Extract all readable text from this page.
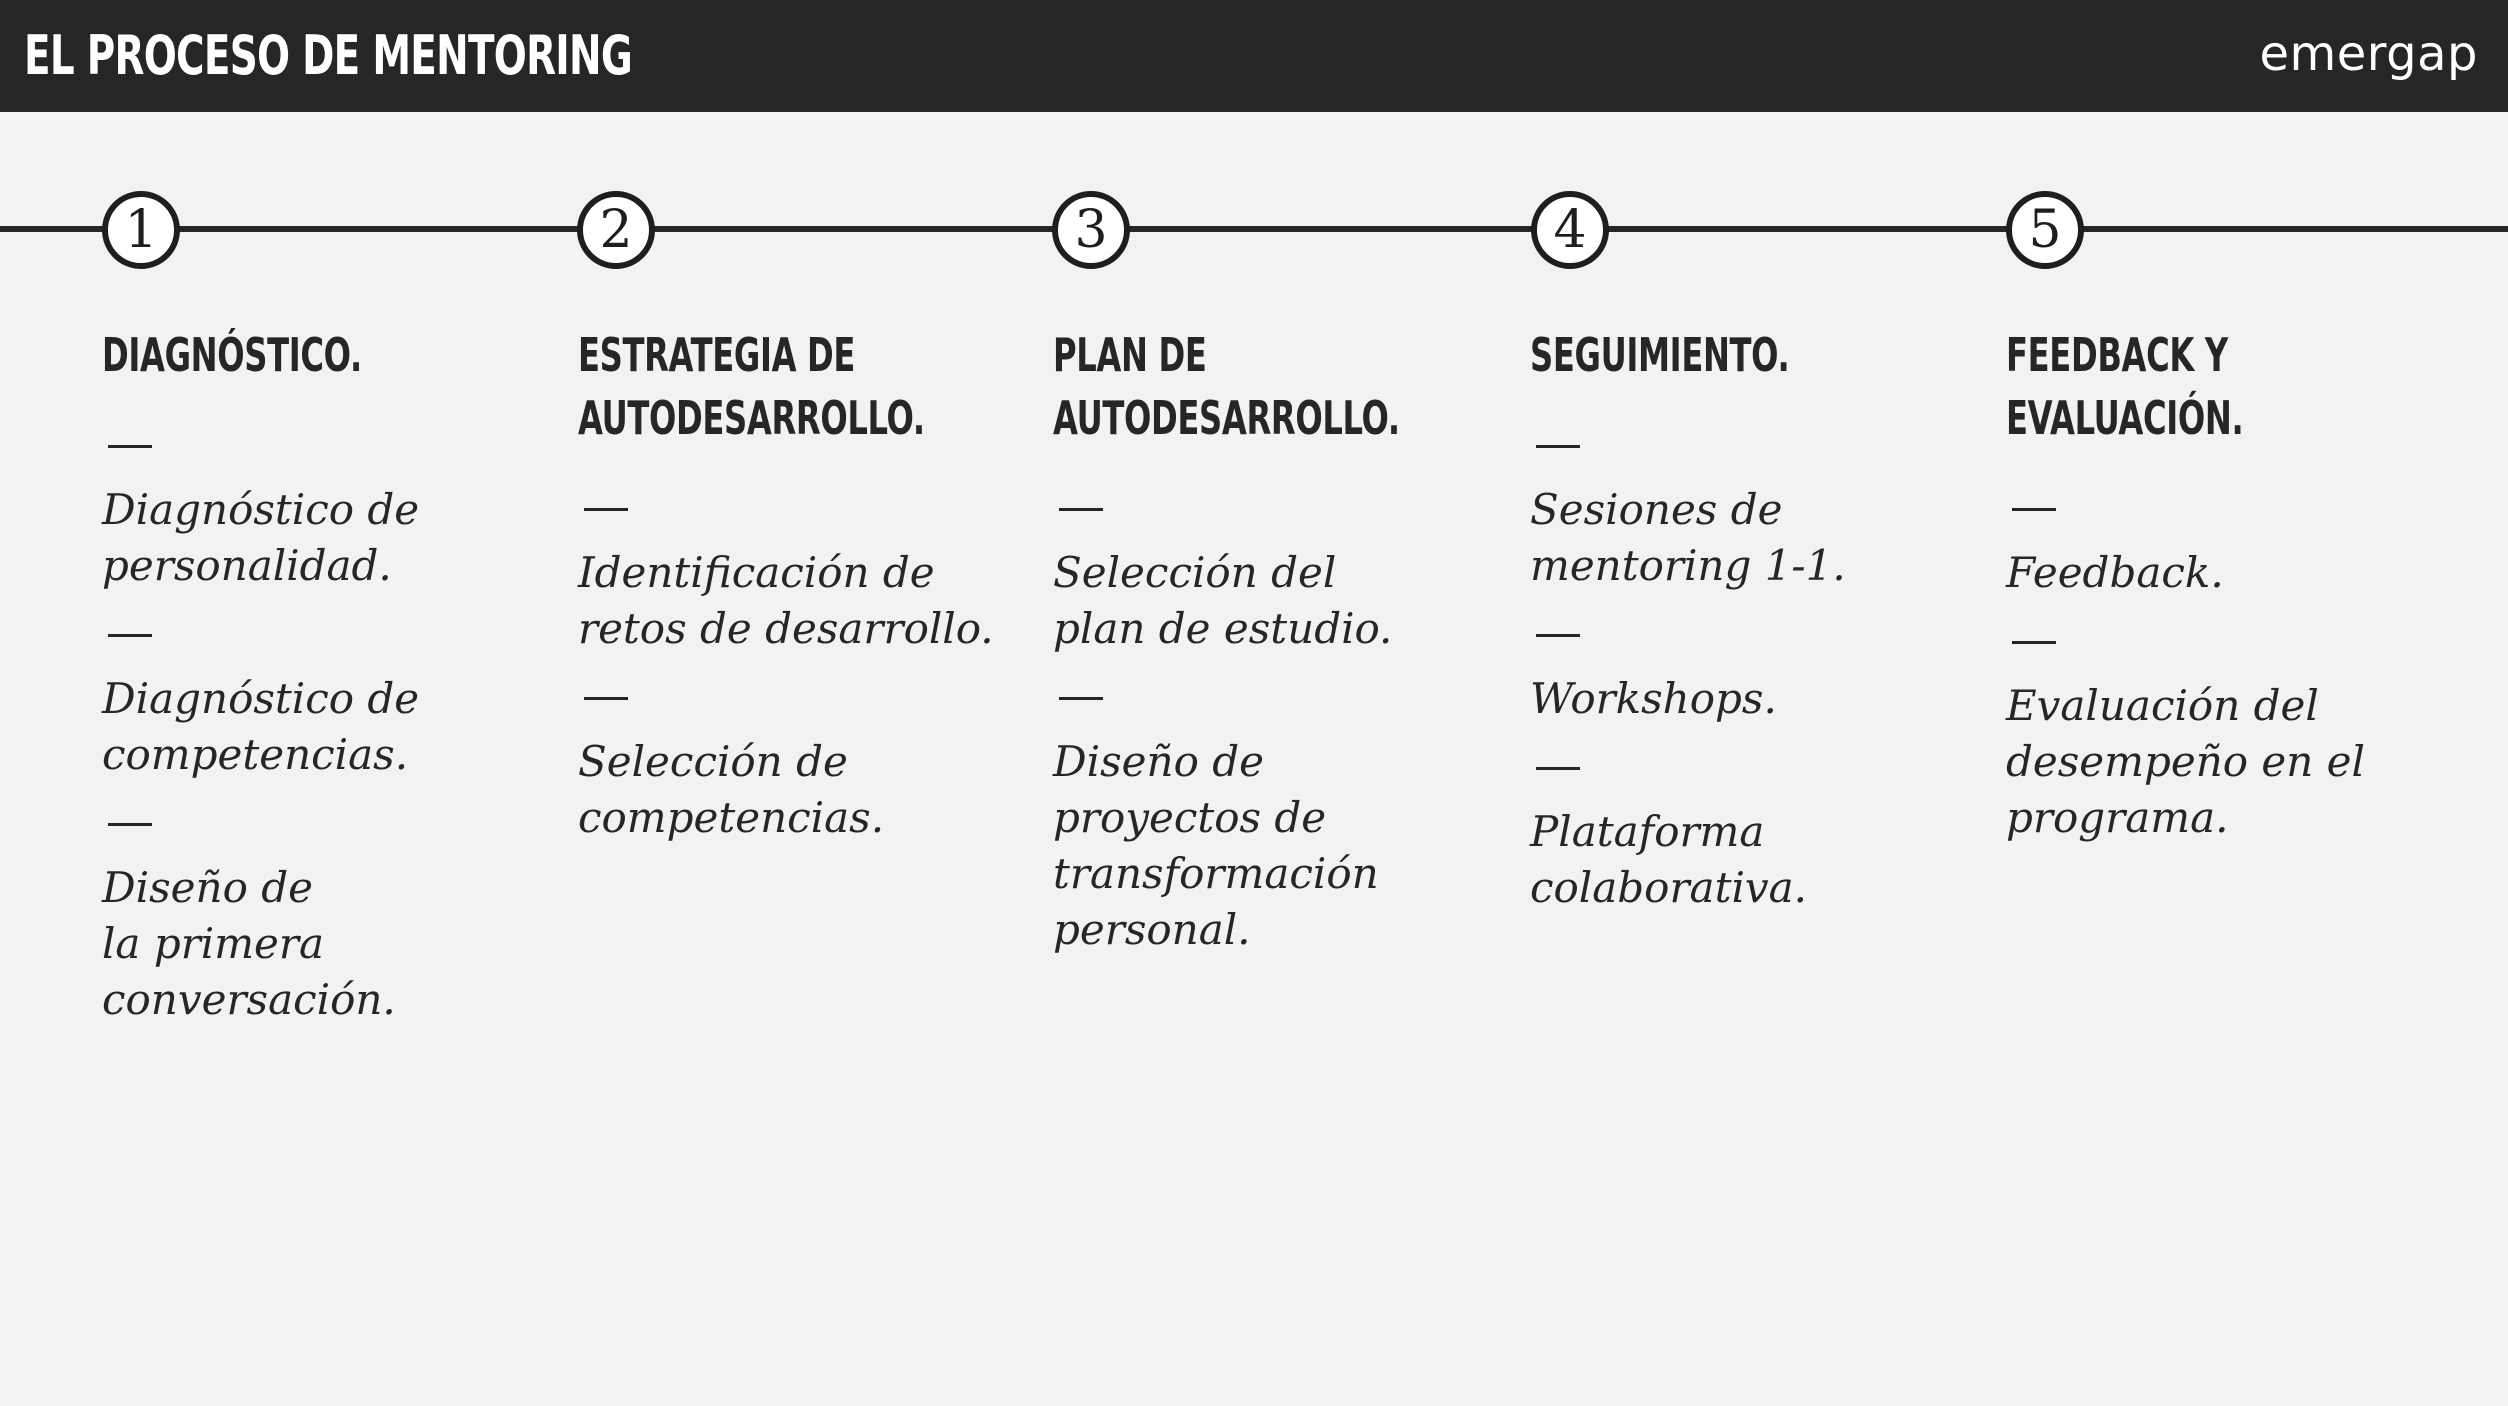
EL PROCESO DE MENTORING	emergap
1	2	3	4	5
DIAGNÓSTICO.
Diagnóstico de
personalidad.
Diagnóstico de
competencias.
Diseño de
la primera
conversación.
ESTRATEGIA DE
AUTODESARROLLO.
Identificación de
retos de desarrollo.
Selección de
competencias.
PLAN DE
AUTODESARROLLO.
Selección del
plan de estudio.
Diseño de
proyectos de
transformación
personal.
SEGUIMIENTO.
Sesiones de
mentoring 1-1.
Workshops.
Plataforma
colaborativa.
FEEDBACK Y
EVALUACIÓN.
Feedback.
Evaluación del
desempeño en el
programa.
